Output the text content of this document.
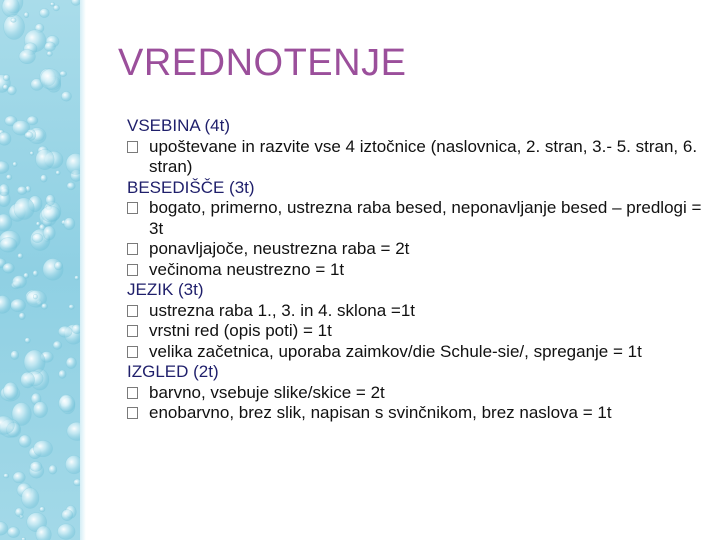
VREDNOTENJE
VSEBINA (4t)
upoštevane in razvite vse 4 iztočnice (naslovnica, 2. stran, 3.- 5. stran, 6. stran)
BESEDIŠČE (3t)
bogato, primerno, ustrezna raba besed, neponavljanje besed – predlogi = 3t
ponavljajoče, neustrezna raba = 2t
večinoma neustrezno = 1t
JEZIK (3t)
ustrezna raba 1., 3. in 4. sklona =1t
vrstni red (opis poti) = 1t
velika začetnica, uporaba zaimkov/die Schule-sie/, spreganje = 1t
IZGLED (2t)
barvno, vsebuje slike/skice = 2t
enobarvno, brez slik, napisan s svinčnikom, brez naslova = 1t
